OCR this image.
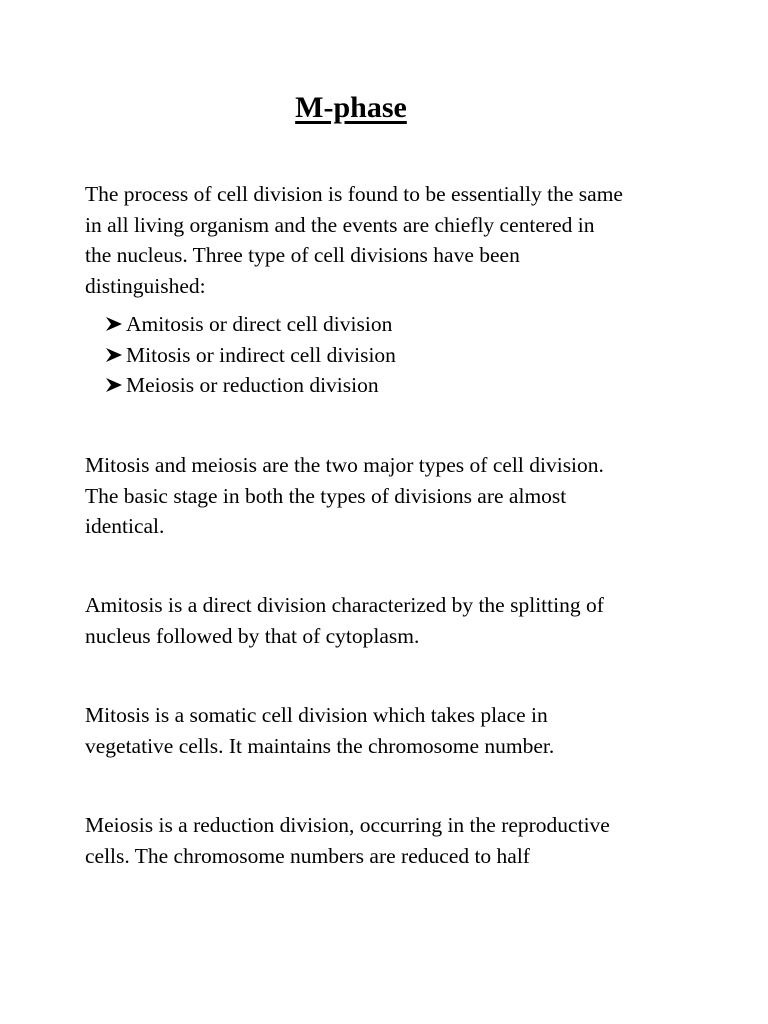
M-phase

The process of cell division is found to be essentially the same in all living organism and the events are chiefly centered in the nucleus. Three type of cell divisions have been distinguished:

Amitosis or direct cell division
Mitosis or indirect cell division
Meiosis or reduction division

Mitosis and meiosis are the two major types of cell division. The basic stage in both the types of divisions are almost identical.

Amitosis is a direct division characterized by the splitting of nucleus followed by that of cytoplasm.

Mitosis is a somatic cell division which takes place in vegetative cells. It maintains the chromosome number.

Meiosis is a reduction division, occurring in the reproductive cells. The chromosome numbers are reduced to half
